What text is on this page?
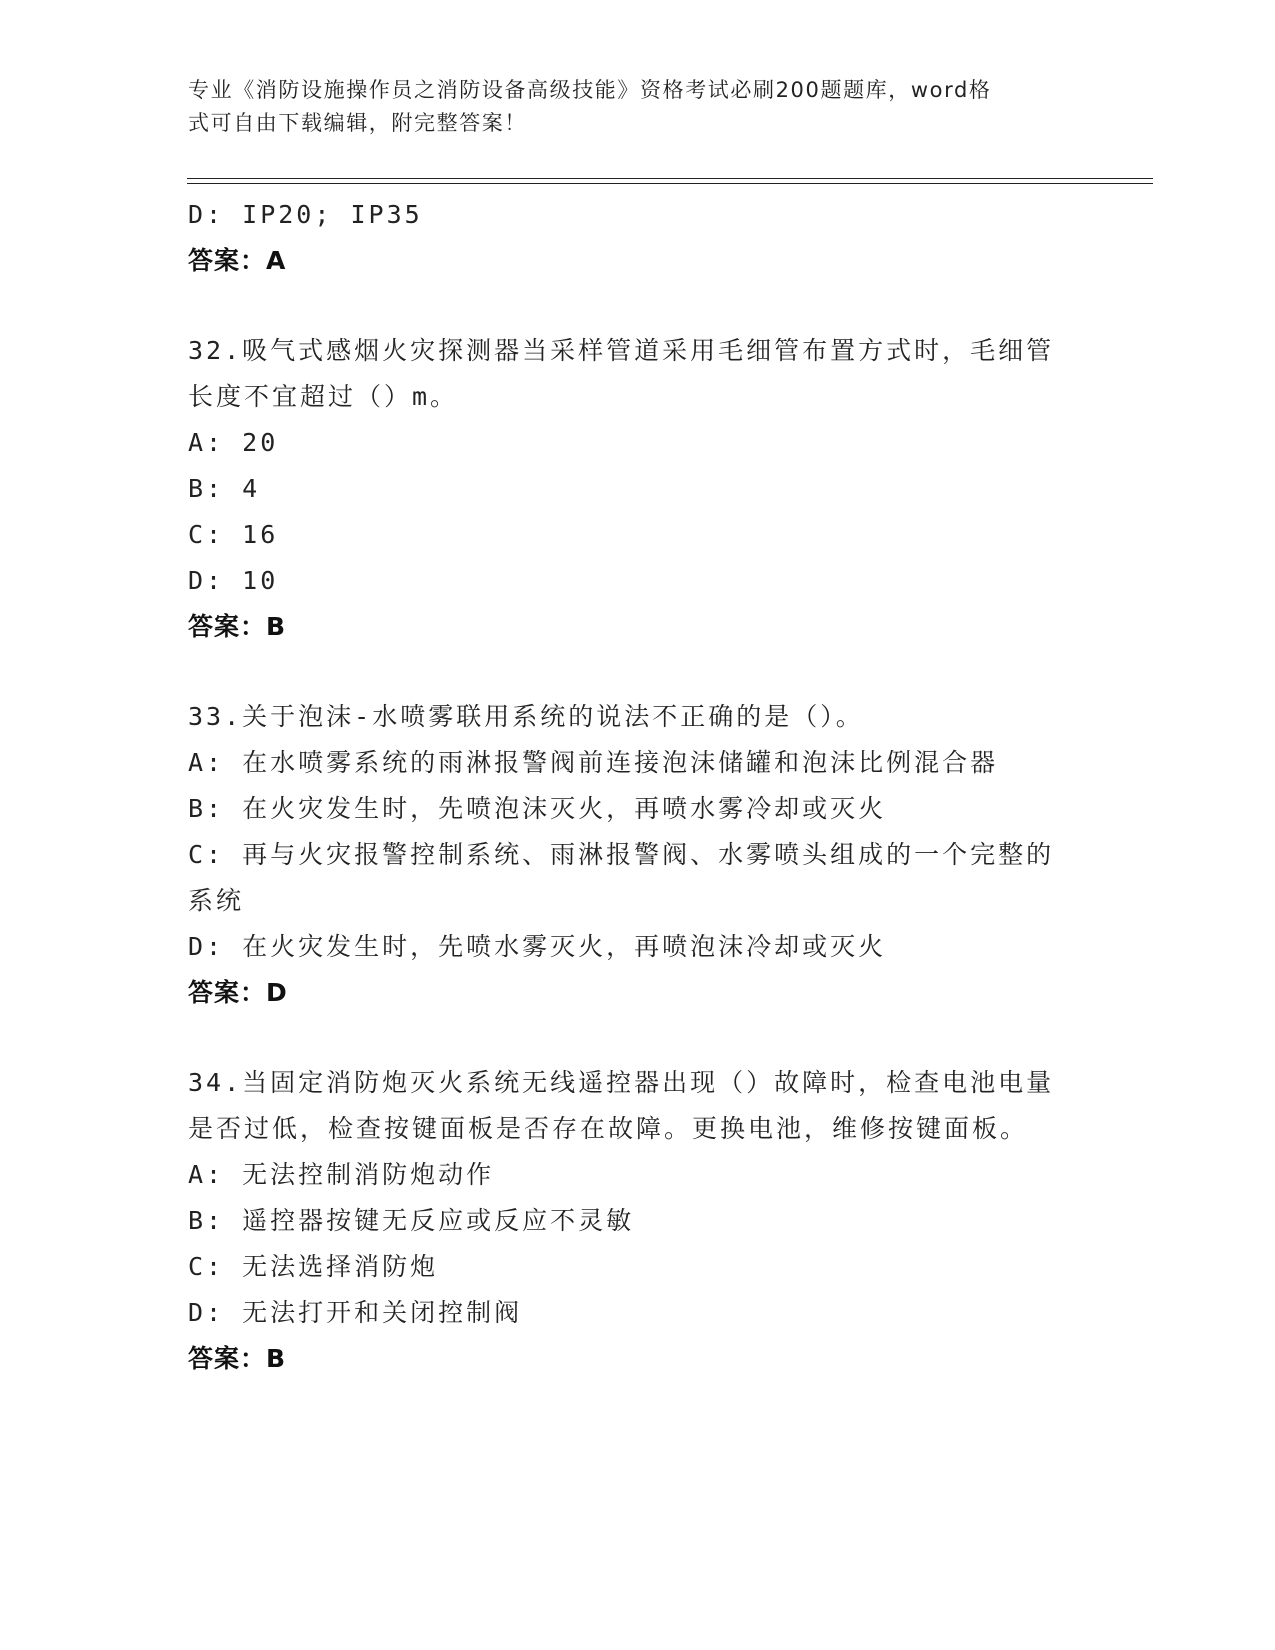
专业《消防设施操作员之消防设备高级技能》资格考试必刷200题题库，word格
式可自由下载编辑，附完整答案！
D: IP20; IP35
答案：A
32.吸气式感烟火灾探测器当采样管道采用毛细管布置方式时，毛细管
长度不宜超过（）m。
A: 20
B: 4
C: 16
D: 10
答案：B
33.关于泡沫-水喷雾联用系统的说法不正确的是（）。
A: 在水喷雾系统的雨淋报警阀前连接泡沫储罐和泡沫比例混合器
B: 在火灾发生时，先喷泡沫灭火，再喷水雾冷却或灭火
C: 再与火灾报警控制系统、雨淋报警阀、水雾喷头组成的一个完整的
系统
D: 在火灾发生时，先喷水雾灭火，再喷泡沫冷却或灭火
答案：D
34.当固定消防炮灭火系统无线遥控器出现（）故障时，检查电池电量
是否过低，检查按键面板是否存在故障。更换电池，维修按键面板。
A: 无法控制消防炮动作
B: 遥控器按键无反应或反应不灵敏
C: 无法选择消防炮
D: 无法打开和关闭控制阀
答案：B
